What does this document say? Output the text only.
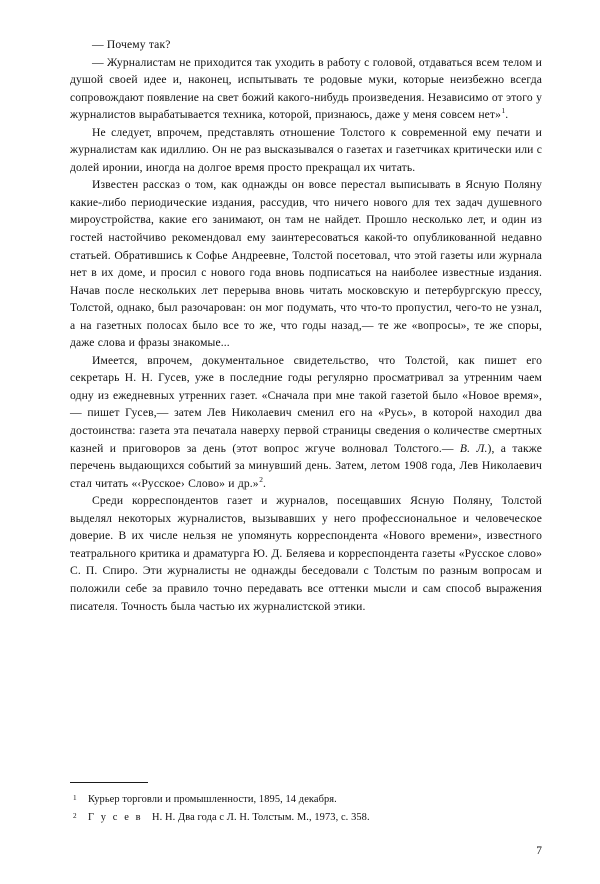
— Почему так?

— Журналистам не приходится так уходить в работу с головой, отдаваться всем телом и душой своей идее и, наконец, испытывать те родовые муки, которые неизбежно всегда сопровождают появление на свет божий какого-нибудь произведения. Независимо от этого у журналистов вырабатывается техника, которой, признаюсь, даже у меня совсем нет»$^1$.

Не следует, впрочем, представлять отношение Толстого к современной ему печати и журналистам как идиллию. Он не раз высказывался о газетах и газетчиках критически или с долей иронии, иногда на долгое время просто прекращал их читать.

Известен рассказ о том, как однажды он вовсе перестал выписывать в Ясную Поляну какие-либо периодические издания, рассудив, что ничего нового для тех задач душевного мироустройства, какие его занимают, он там не найдет. Прошло несколько лет, и один из гостей настойчиво рекомендовал ему заинтересоваться какой-то опубликованной недавно статьей. Обратившись к Софье Андреевне, Толстой посетовал, что этой газеты или журнала нет в их доме, и просил с нового года вновь подписаться на наиболее известные издания. Начав после нескольких лет перерыва вновь читать московскую и петербургскую прессу, Толстой, однако, был разочарован: он мог подумать, что что-то пропустил, чего-то не узнал, а на газетных полосах было все то же, что годы назад,— те же «вопросы», те же споры, даже слова и фразы знакомые...

Имеется, впрочем, документальное свидетельство, что Толстой, как пишет его секретарь Н. Н. Гусев, уже в последние годы регулярно просматривал за утренним чаем одну из ежедневных утренних газет. «Сначала при мне такой газетой было «Новое время»,— пишет Гусев,— затем Лев Николаевич сменил его на «Русь», в которой находил два достоинства: газета эта печатала наверху первой страницы сведения о количестве смертных казней и приговоров за день (этот вопрос жгуче волновал Толстого.— В. Л.), а также перечень выдающихся событий за минувший день. Затем, летом 1908 года, Лев Николаевич стал читать «‹Русское› Слово» и др.»$^2$.

Среди корреспондентов газет и журналов, посещавших Ясную Поляну, Толстой выделял некоторых журналистов, вызывавших у него профессиональное и человеческое доверие. В их числе нельзя не упомянуть корреспондента «Нового времени», известного театрального критика и драматурга Ю. Д. Беляева и корреспондента газеты «Русское слово» С. П. Спиро. Эти журналисты не однажды беседовали с Толстым по разным вопросам и положили себе за правило точно передавать все оттенки мысли и сам способ выражения писателя. Точность была частью их журналистской этики.

1 Курьер торговли и промышленности, 1895, 14 декабря.
2 Г у с е в  Н. Н. Два года с Л. Н. Толстым. М., 1973, с. 358.
7
